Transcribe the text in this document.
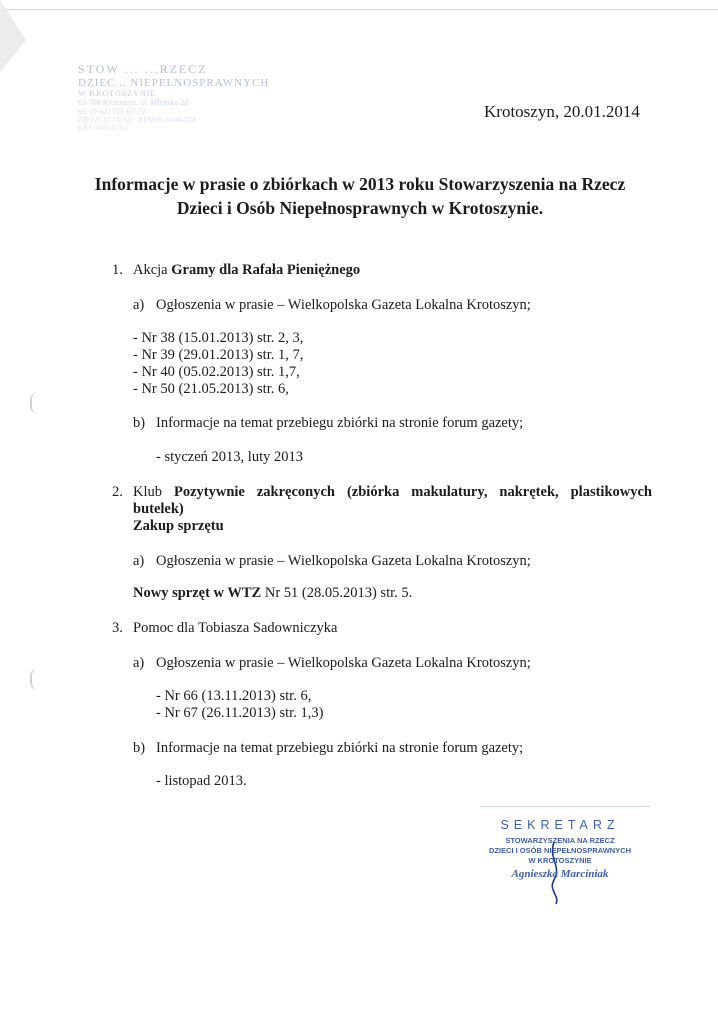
STOW ... ...RZECZ
DZIEC... NIEPEŁNOSPRAWNYCH
W KROTOSZYNIE
63-700 Krotoszyn, ul. Młyńska 2d
tel. (0-62) 725-67-72
NIP 621-17-54-222 · REGON 250464258
KRS 0000115365
Krotoszyn, 20.01.2014
Informacje w prasie o zbiórkach w 2013 roku Stowarzyszenia na Rzecz
Dzieci i Osób Niepełnosprawnych w Krotoszynie.
1. Akcja Gramy dla Rafała Pieniężnego
a) Ogłoszenia w prasie – Wielkopolska Gazeta Lokalna Krotoszyn;
- Nr 38 (15.01.2013) str. 2, 3,
- Nr 39 (29.01.2013) str. 1, 7,
- Nr 40 (05.02.2013) str. 1,7,
- Nr 50 (21.05.2013) str. 6,
b) Informacje na temat przebiegu zbiórki na stronie forum gazety;
- styczeń 2013, luty 2013
2. Klub Pozytywnie zakręconych (zbiórka makulatury, nakrętek, plastikowych
butelek)
Zakup sprzętu
a) Ogłoszenia w prasie – Wielkopolska Gazeta Lokalna Krotoszyn;
Nowy sprzęt w WTZ Nr 51 (28.05.2013) str. 5.
3. Pomoc dla Tobiasza Sadowniczyka
a) Ogłoszenia w prasie – Wielkopolska Gazeta Lokalna Krotoszyn;
- Nr 66 (13.11.2013) str. 6,
- Nr 67 (26.11.2013) str. 1,3)
b) Informacje na temat przebiegu zbiórki na stronie forum gazety;
- listopad 2013.
SEKRETARZ
STOWARZYSZENIA NA RZECZ
DZIECI I OSÓB NIEPEŁNOSPRAWNYCH
W KROTOSZYNIE
Agnieszka Marciniak
